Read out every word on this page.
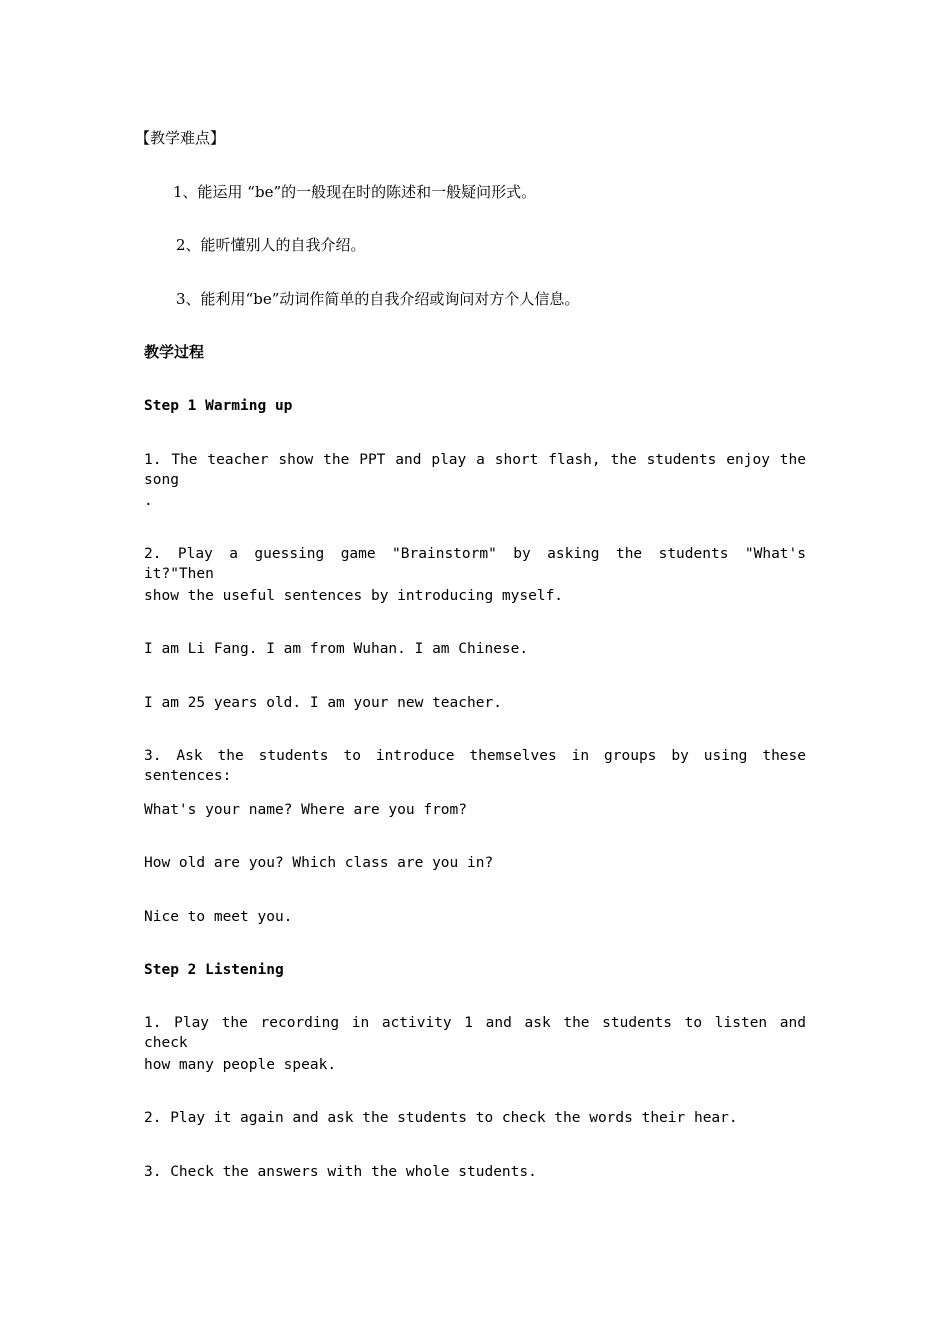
【教学难点】
1、能运用 “be”的一般现在时的陈述和一般疑问形式。
2、能听懂别人的自我介绍。
3、能利用“be”动词作简单的自我介绍或询问对方个人信息。
教学过程
Step 1 Warming up
1. The teacher show the PPT and play a short flash, the students enjoy the song
.
2. Play a guessing game "Brainstorm" by asking the students "What's it?"Then
show the useful sentences by introducing myself.
I am Li Fang. I am from Wuhan. I am Chinese.
I am 25 years old. I am your new teacher.
3. Ask the students to introduce themselves in groups by using these sentences:
What's your name? Where are you from?
How old are you? Which class are you in?
Nice to meet you.
Step 2 Listening
1. Play the recording in activity 1 and ask the students to listen and check
how many people speak.
2. Play it again and ask the students to check the words their hear.
3. Check the answers with the whole students.
